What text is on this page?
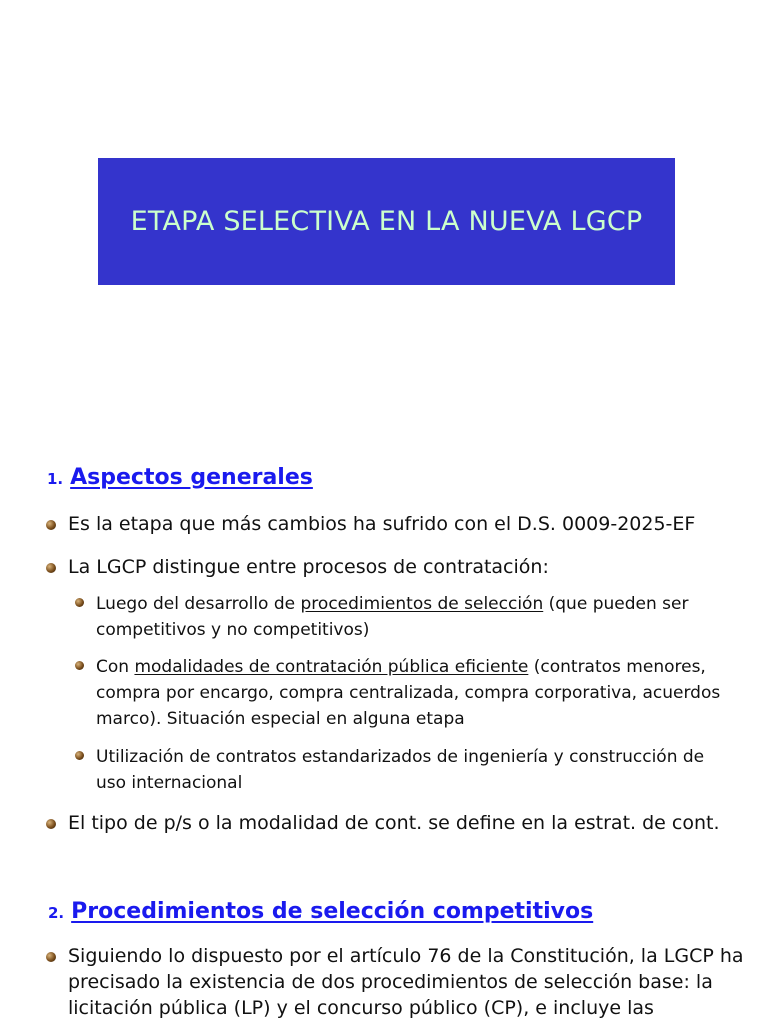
ETAPA SELECTIVA EN LA NUEVA LGCP
1. Aspectos generales
Es la etapa que más cambios ha sufrido con el D.S. 0009-2025-EF
La LGCP distingue entre procesos de contratación:
Luego del desarrollo de procedimientos de selección (que pueden ser competitivos y no competitivos)
Con modalidades de contratación pública eficiente (contratos menores, compra por encargo, compra centralizada, compra corporativa, acuerdos marco). Situación especial en alguna etapa
Utilización de contratos estandarizados de ingeniería y construcción de uso internacional
El tipo de p/s o la modalidad de cont. se define en la estrat. de cont.
2. Procedimientos de selección competitivos
Siguiendo lo dispuesto por el artículo 76 de la Constitución, la LGCP ha precisado la existencia de dos procedimientos de selección base: la licitación pública (LP) y el concurso público (CP), e incluye las
